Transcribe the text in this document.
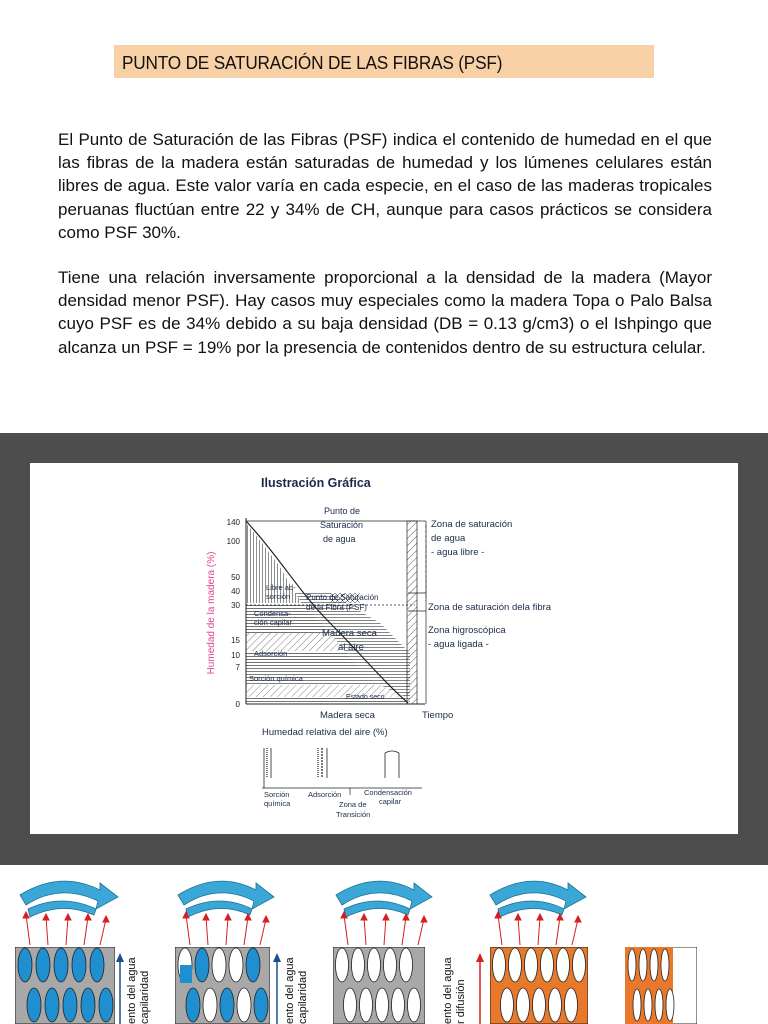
PUNTO DE SATURACIÓN DE LAS FIBRAS (PSF)

El Punto de Saturación de las Fibras (PSF) indica el contenido de humedad en el que las fibras de la madera están saturadas de humedad y los lúmenes celulares están libres de agua. Este valor varía en cada especie, en el caso de las maderas tropicales peruanas fluctúan entre 22 y 34% de CH, aunque para casos prácticos se considera como PSF 30%.

Tiene una relación inversamente proporcional a la densidad de la madera (Mayor densidad menor PSF). Hay casos muy especiales como la madera Topa o Palo Balsa cuyo PSF es de 34% debido a su baja densidad (DB = 0.13 g/cm3) o el Ishpingo que alcanza un PSF = 19% por la presencia de contenidos dentro de su estructura celular.

Ilustración Gráfica
Humedad de la madera (%)
140
100
50
40
30
15
10
7
0
Punto de
Saturación
de agua
Libre ad-
sorción
Condensa-
ción capilar
Adsorción
Sorción química
Punto de Saturación
de la Fibra (PSF)
Madera seca
al aire
Estado seco
Madera seca	Tiempo
Zona de saturación
de agua
- agua libre -
Zona de saturación dela fibra
Zona higroscópica
- agua ligada -
Humedad relativa del aire (%)
Sorción
química
Adsorción	Condensación
capilar
Zona de
Transición
ento del agua capilaridad	ento del agua capilaridad	ento del agua r difusión
